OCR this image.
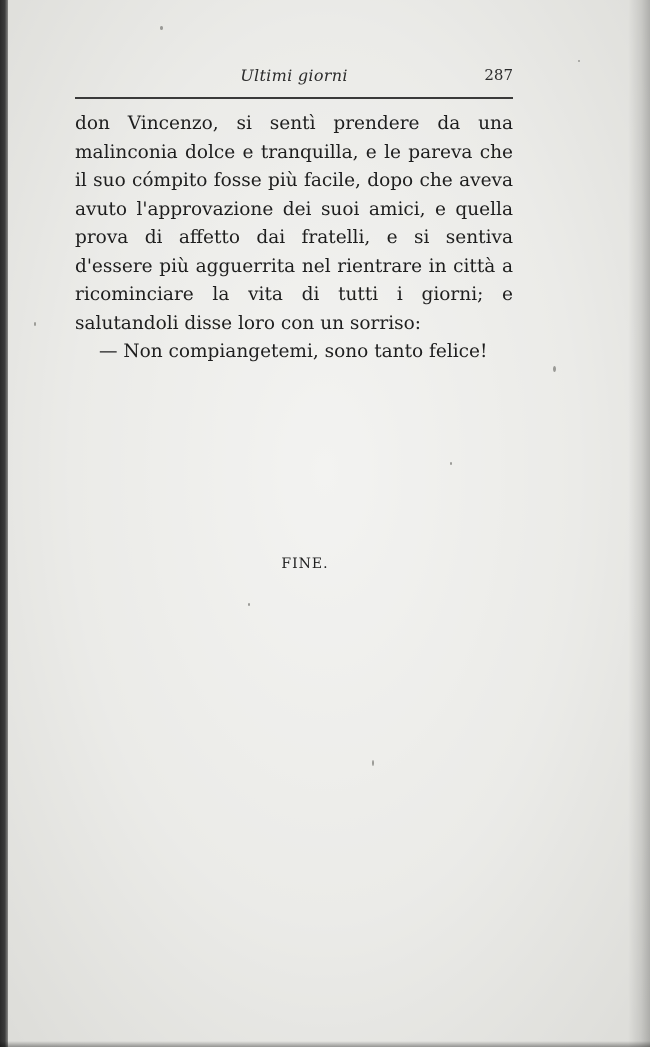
Ultimi giorni	287

don Vincenzo, si sentì prendere da una malinconia dolce e tranquilla, e le pareva che il suo cómpito fosse più facile, dopo che aveva avuto l'approvazione dei suoi amici, e quella prova di affetto dai fratelli, e si sentiva d'essere più agguerrita nel rientrare in città a ricominciare la vita di tutti i giorni; e salutandoli disse loro con un sorriso:

— Non compiangetemi, sono tanto felice!

FINE.
